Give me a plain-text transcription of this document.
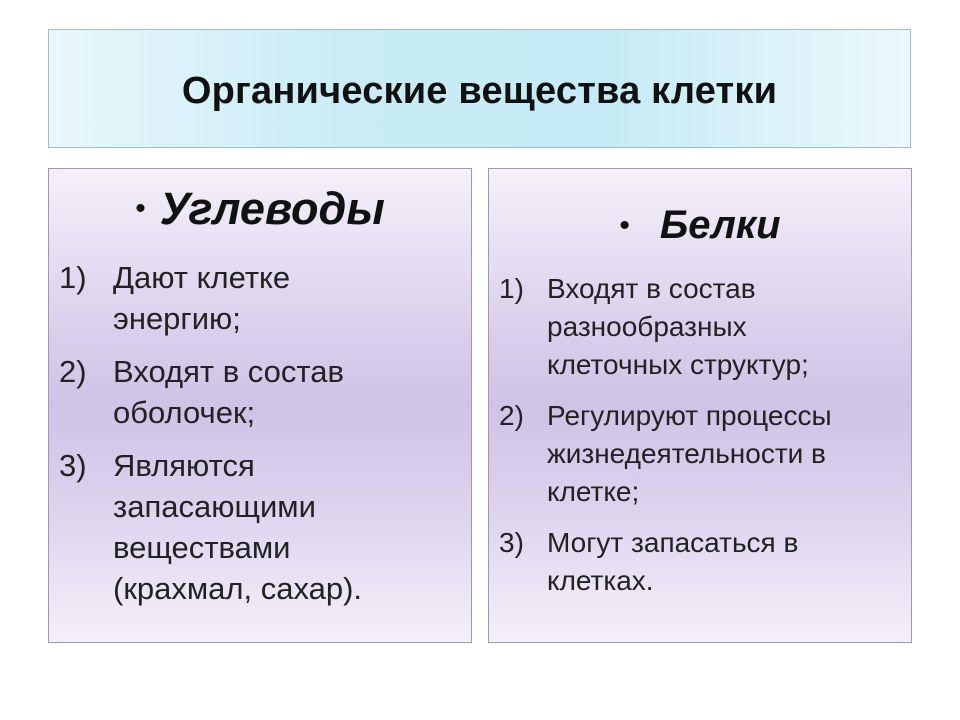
Органические вещества клетки
• Углеводы
1) Дают клетке
энергию;
2) Входят в состав
оболочек;
3) Являются
запасающими
веществами
(крахмал, сахар).
• Белки
1) Входят в состав
разнообразных
клеточных структур;
2) Регулируют процессы
жизнедеятельности в
клетке;
3) Могут запасаться в
клетках.
